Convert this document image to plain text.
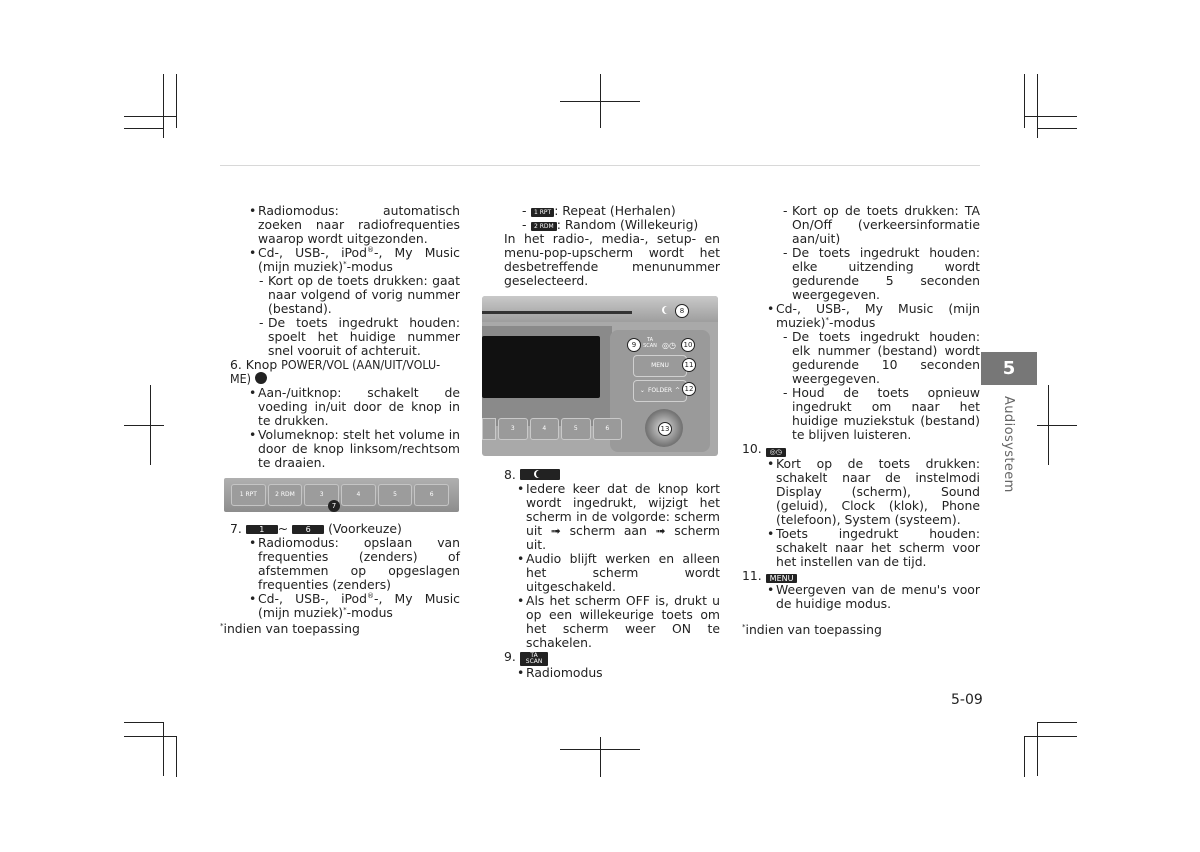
• Radiomodus: automatisch zoeken naar radiofrequenties waarop wordt uitgezonden.

• Cd-, USB-, iPod®-, My Music (mijn muziek)*-modus

- Kort op de toets drukken: gaat naar volgend of vorig nummer (bestand).

- De toets ingedrukt houden: spoelt het huidige nummer snel vooruit of achteruit.

6. Knop POWER/VOL (AAN/UIT/VOLU-ME)

• Aan-/uitknop: schakelt de voeding in/uit door de knop in te drukken.

• Volumeknop: stelt het volume in door de knop linksom/rechtsom te draaien.

1 RPT	2 RDM	3	4	5	6
7

7. 1 ~ 6 (Voorkeuze)

• Radiomodus: opslaan van frequenties (zenders) of afstemmen op opgeslagen frequenties (zenders)

• Cd-, USB-, iPod®-, My Music (mijn muziek)*-modus

*indien van toepassing

- 1 RPT : Repeat (Herhalen)

- 2 RDM : Random (Willekeurig)

In het radio-, media-, setup- en menu-pop-upscherm wordt het desbetreffende menunummer geselecteerd.

8
TA
SCAN
9	◎◷	10
MENU	11
⌄ FOLDER ^ 12
13
3	4	5	6

8.

• Iedere keer dat de knop kort wordt ingedrukt, wijzigt het scherm in de volgorde: scherm uit ➟ scherm aan ➟ scherm uit.

• Audio blijft werken en alleen het scherm wordt uitgeschakeld.

• Als het scherm OFF is, drukt u op een willekeurige toets om het scherm weer ON te schakelen.

9.	TA
SCAN

• Radiomodus

- Kort op de toets drukken: TA On/Off (verkeersinformatie aan/uit)

- De toets ingedrukt houden: elke uitzending wordt gedurende 5 seconden weergegeven.

• Cd-, USB-, My Music (mijn muziek)*-modus

- De toets ingedrukt houden: elk nummer (bestand) wordt gedurende 10 seconden weergegeven.

- Houd de toets opnieuw ingedrukt om naar het huidige muziekstuk (bestand) te blijven luisteren.

10. ◎◷

• Kort op de toets drukken: schakelt naar de instelmodi Display (scherm), Sound (geluid), Clock (klok), Phone (telefoon), System (systeem).

• Toets ingedrukt houden: schakelt naar het scherm voor het instellen van de tijd.

11. MENU

• Weergeven van de menu's voor de huidige modus.

*indien van toepassing

5
Audiosysteem
5-09
